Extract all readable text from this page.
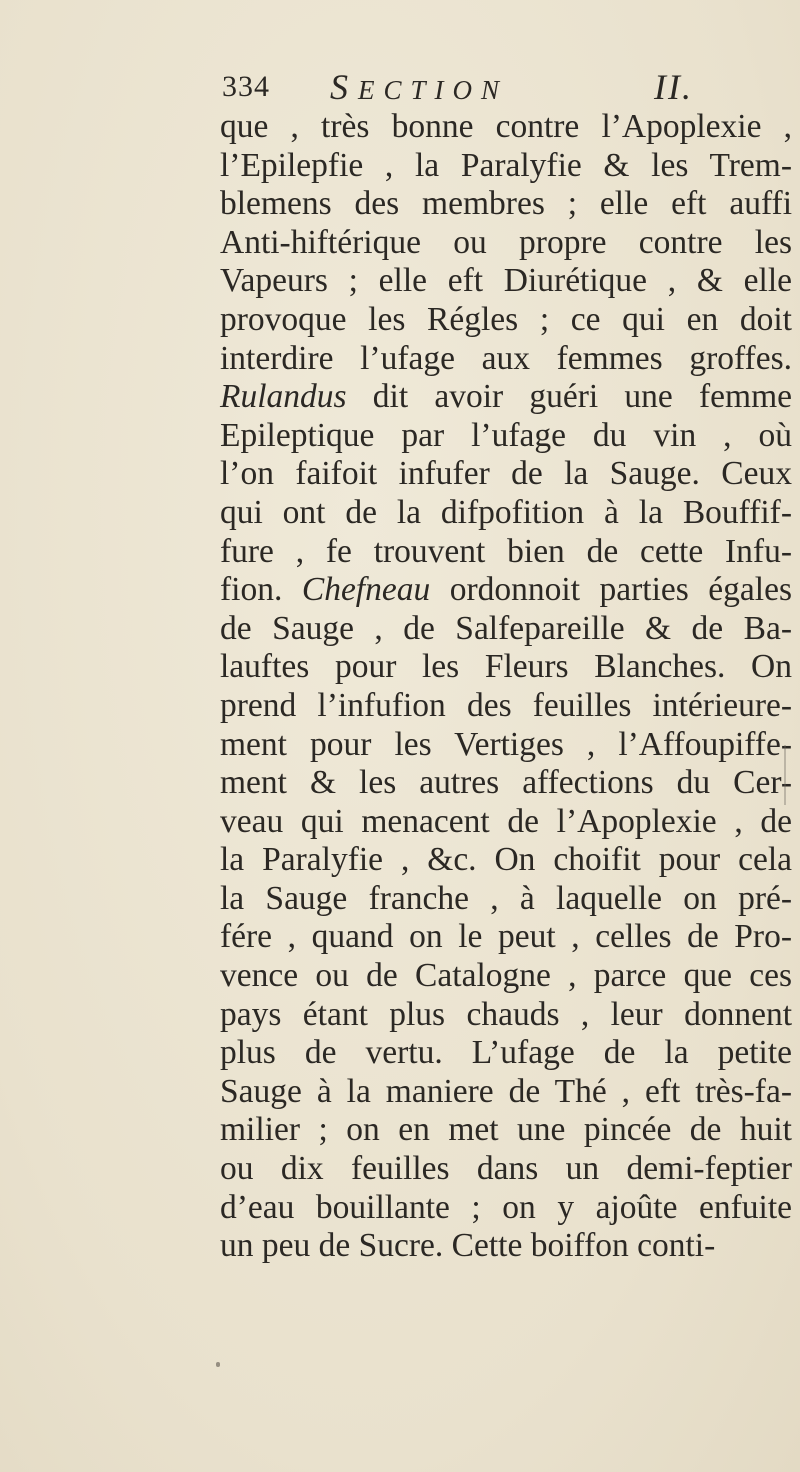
334 SECTION	II.
que , très bonne contre l’Apoplexie ,
l’Epilepfie , la Paralyfie & les Trem-
blemens des membres ; elle eft auffi
Anti-hiftérique ou propre contre les
Vapeurs ; elle eft Diurétique , & elle
provoque les Régles ; ce qui en doit
interdire l’ufage aux femmes groffes.
Rulandus dit avoir guéri une femme
Epileptique par l’ufage du vin , où
l’on faifoit infufer de la Sauge. Ceux
qui ont de la difpofition à la Bouffif-
fure , fe trouvent bien de cette Infu-
fion. Chefneau ordonnoit parties égales
de Sauge , de Salfepareille & de Ba-
lauftes pour les Fleurs Blanches. On
prend l’infufion des feuilles intérieure-
ment pour les Vertiges , l’Affoupiffe-
ment & les autres affections du Cer-
veau qui menacent de l’Apoplexie , de
la Paralyfie , &c. On choifit pour cela
la Sauge franche , à laquelle on pré-
fére , quand on le peut , celles de Pro-
vence ou de Catalogne , parce que ces
pays étant plus chauds , leur donnent
plus de vertu. L’ufage de la petite
Sauge à la maniere de Thé , eft très-fa-
milier ; on en met une pincée de huit
ou dix feuilles dans un demi-feptier
d’eau bouillante ; on y ajoûte enfuite
un peu de Sucre. Cette boiffon conti-
